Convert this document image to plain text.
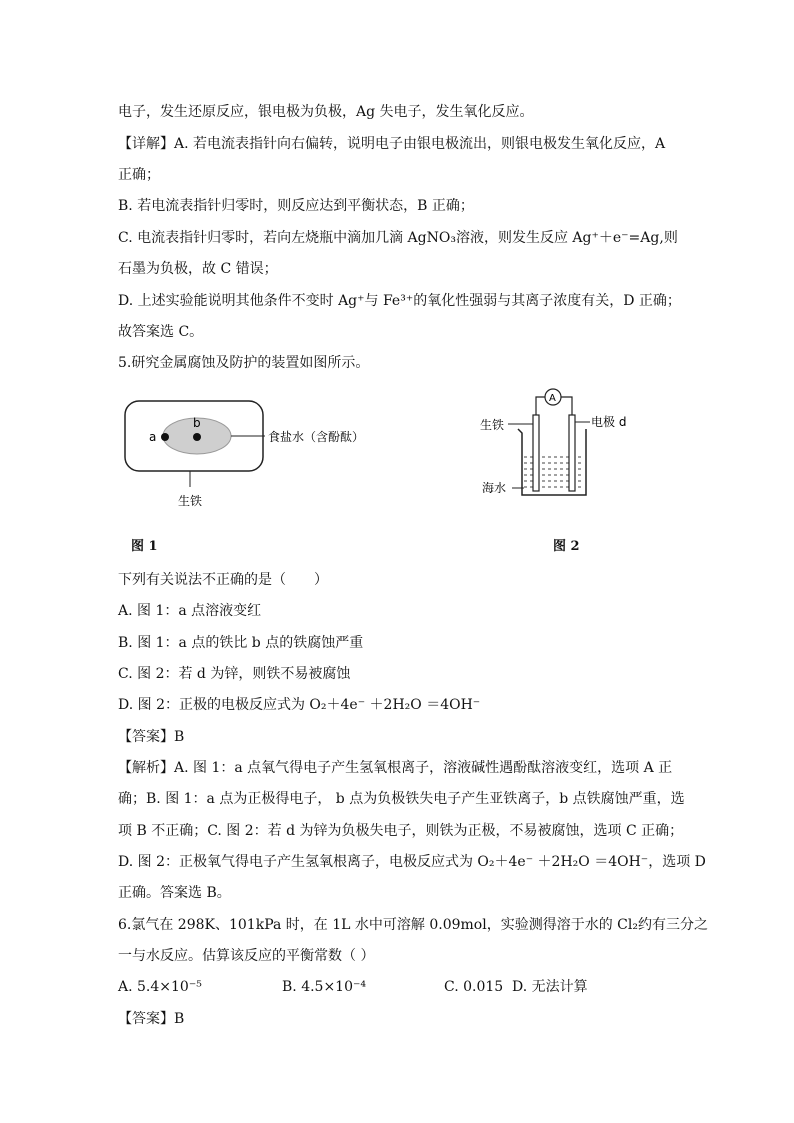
电子，发生还原反应，银电极为负极，Ag 失电子，发生氧化反应。
【详解】A. 若电流表指针向右偏转，说明电子由银电极流出，则银电极发生氧化反应，A
正确；
B. 若电流表指针归零时，则反应达到平衡状态，B 正确；
C. 电流表指针归零时，若向左烧瓶中滴加几滴 AgNO₃溶液，则发生反应 Ag⁺＋e⁻=Ag,则
石墨为负极，故 C 错误；
D. 上述实验能说明其他条件不变时 Ag⁺与 Fe³⁺的氧化性强弱与其离子浓度有关，D 正确；
故答案选 C。
5.研究金属腐蚀及防护的装置如图所示。
a
b
食盐水（含酚酞）
生铁
图 1
A
生铁	电极 d
海水
图 2
下列有关说法不正确的是（　　）
A. 图 1：a 点溶液变红
B. 图 1：a 点的铁比 b 点的铁腐蚀严重
C. 图 2：若 d 为锌，则铁不易被腐蚀
D. 图 2：正极的电极反应式为 O₂＋4e⁻ ＋2H₂O ＝4OH⁻
【答案】B
【解析】A. 图 1：a 点氧气得电子产生氢氧根离子，溶液碱性遇酚酞溶液变红，选项 A 正
确；B. 图 1：a 点为正极得电子， b 点为负极铁失电子产生亚铁离子，b 点铁腐蚀严重，选
项 B 不正确；C. 图 2：若 d 为锌为负极失电子，则铁为正极，不易被腐蚀，选项 C 正确；
D. 图 2：正极氧气得电子产生氢氧根离子，电极反应式为 O₂＋4e⁻ ＋2H₂O ＝4OH⁻，选项 D
正确。答案选 B。
6.氯气在 298K、101kPa 时，在 1L 水中可溶解 0.09mol，实验测得溶于水的 Cl₂约有三分之
一与水反应。估算该反应的平衡常数（ ）
A. 5.4×10⁻⁵	B. 4.5×10⁻⁴	C. 0.015 D. 无法计算
【答案】B
